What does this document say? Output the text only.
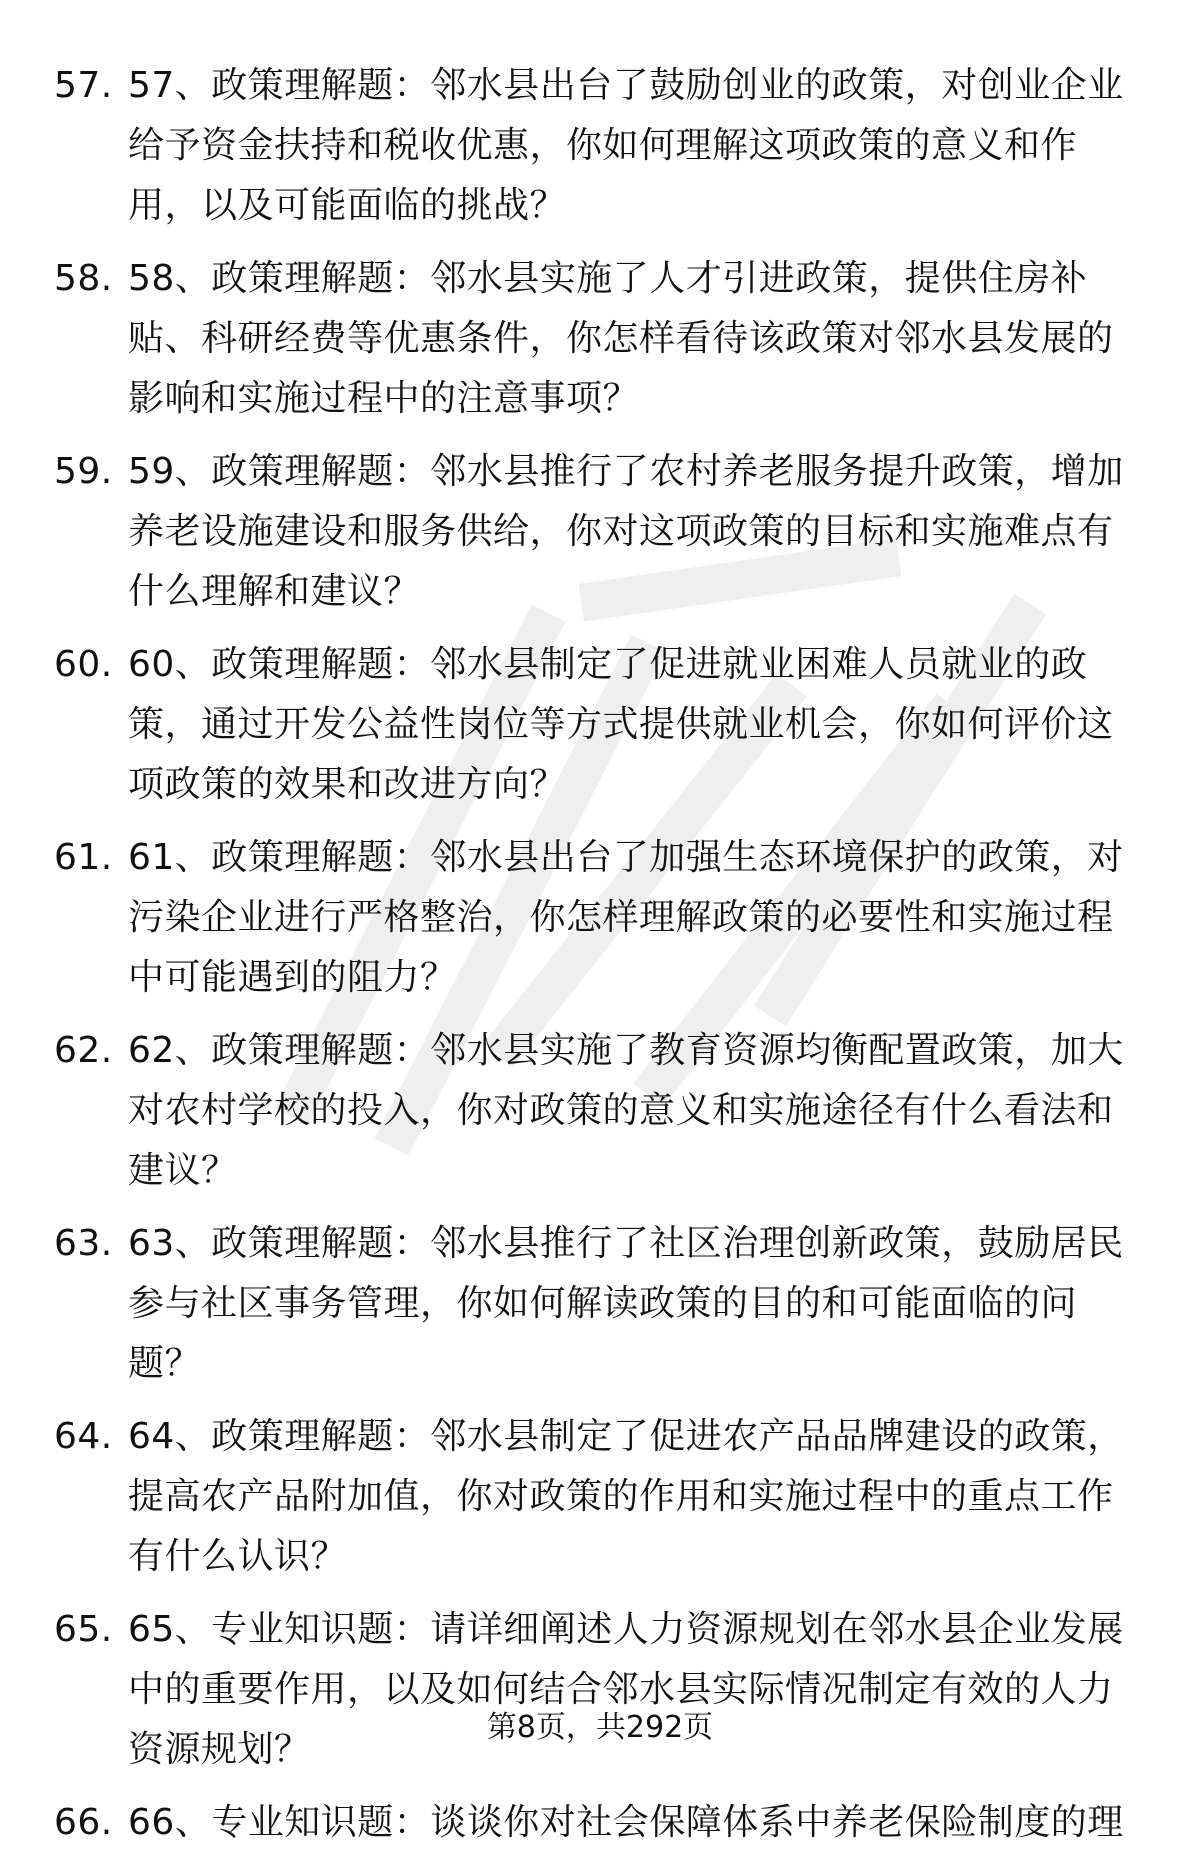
57. 57、政策理解题：邻水县出台了鼓励创业的政策，对创业企业给予资金扶持和税收优惠，你如何理解这项政策的意义和作用，以及可能面临的挑战？
58. 58、政策理解题：邻水县实施了人才引进政策，提供住房补贴、科研经费等优惠条件，你怎样看待该政策对邻水县发展的影响和实施过程中的注意事项？
59. 59、政策理解题：邻水县推行了农村养老服务提升政策，增加养老设施建设和服务供给，你对这项政策的目标和实施难点有什么理解和建议？
60. 60、政策理解题：邻水县制定了促进就业困难人员就业的政策，通过开发公益性岗位等方式提供就业机会，你如何评价这项政策的效果和改进方向？
61. 61、政策理解题：邻水县出台了加强生态环境保护的政策，对污染企业进行严格整治，你怎样理解政策的必要性和实施过程中可能遇到的阻力？
62. 62、政策理解题：邻水县实施了教育资源均衡配置政策，加大对农村学校的投入，你对政策的意义和实施途径有什么看法和建议？
63. 63、政策理解题：邻水县推行了社区治理创新政策，鼓励居民参与社区事务管理，你如何解读政策的目的和可能面临的问题？
64. 64、政策理解题：邻水县制定了促进农产品品牌建设的政策，提高农产品附加值，你对政策的作用和实施过程中的重点工作有什么认识？
65. 65、专业知识题：请详细阐述人力资源规划在邻水县企业发展中的重要作用，以及如何结合邻水县实际情况制定有效的人力资源规划？
66. 66、专业知识题：谈谈你对社会保障体系中养老保险制度的理
第8页，共292页
